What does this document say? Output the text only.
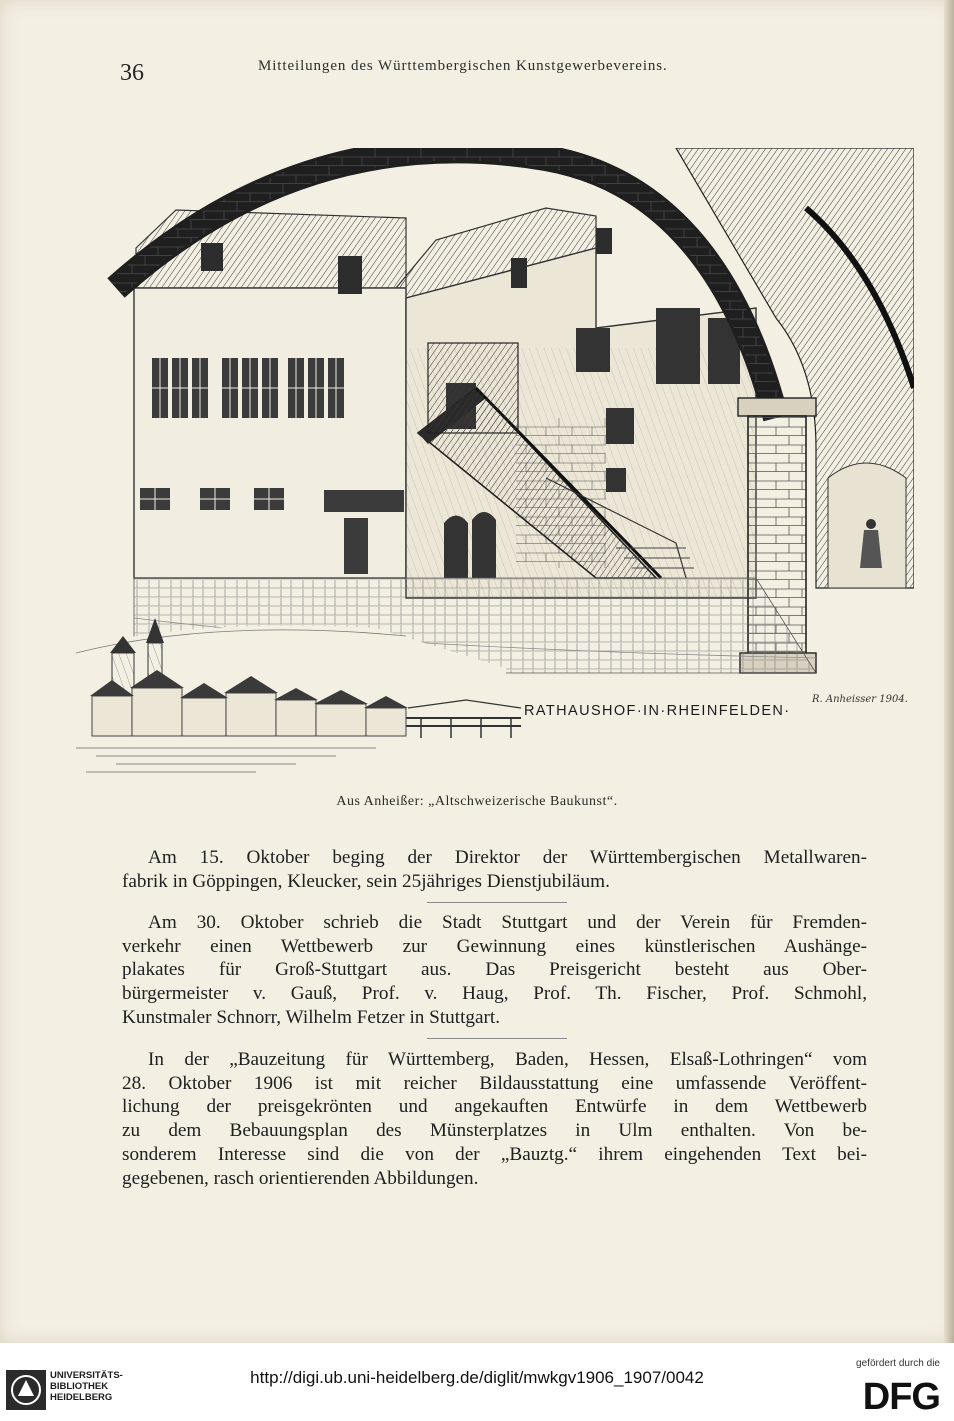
36	Mitteilungen des Württembergischen Kunstgewerbevereins.
RATHAUSHOF·IN·RHEINFELDEN·
R. Anheisser 1904.
Aus Anheißer: „Altschweizerische Baukunst“.
Am 15. Oktober beging der Direktor der Württembergischen Metallwaren-
fabrik in Göppingen, Kleucker, sein 25jähriges Dienstjubiläum.
Am 30. Oktober schrieb die Stadt Stuttgart und der Verein für Fremden-
verkehr einen Wettbewerb zur Gewinnung eines künstlerischen Aushänge-
plakates für Groß-Stuttgart aus. Das Preisgericht besteht aus Ober-
bürgermeister v. Gauß, Prof. v. Haug, Prof. Th. Fischer, Prof. Schmohl,
Kunstmaler Schnorr, Wilhelm Fetzer in Stuttgart.
In der „Bauzeitung für Württemberg, Baden, Hessen, Elsaß-Lothringen“ vom
28. Oktober 1906 ist mit reicher Bildausstattung eine umfassende Veröffent-
lichung der preisgekrönten und angekauften Entwürfe in dem Wettbewerb
zu dem Bebauungsplan des Münsterplatzes in Ulm enthalten. Von be-
sonderem Interesse sind die von der „Bauztg.“ ihrem eingehenden Text bei-
gegebenen, rasch orientierenden Abbildungen.
UNIVERSITÄTS-
BIBLIOTHEK
HEIDELBERG
http://digi.ub.uni-heidelberg.de/diglit/mwkgv1906_1907/0042
gefördert durch die
DFG
